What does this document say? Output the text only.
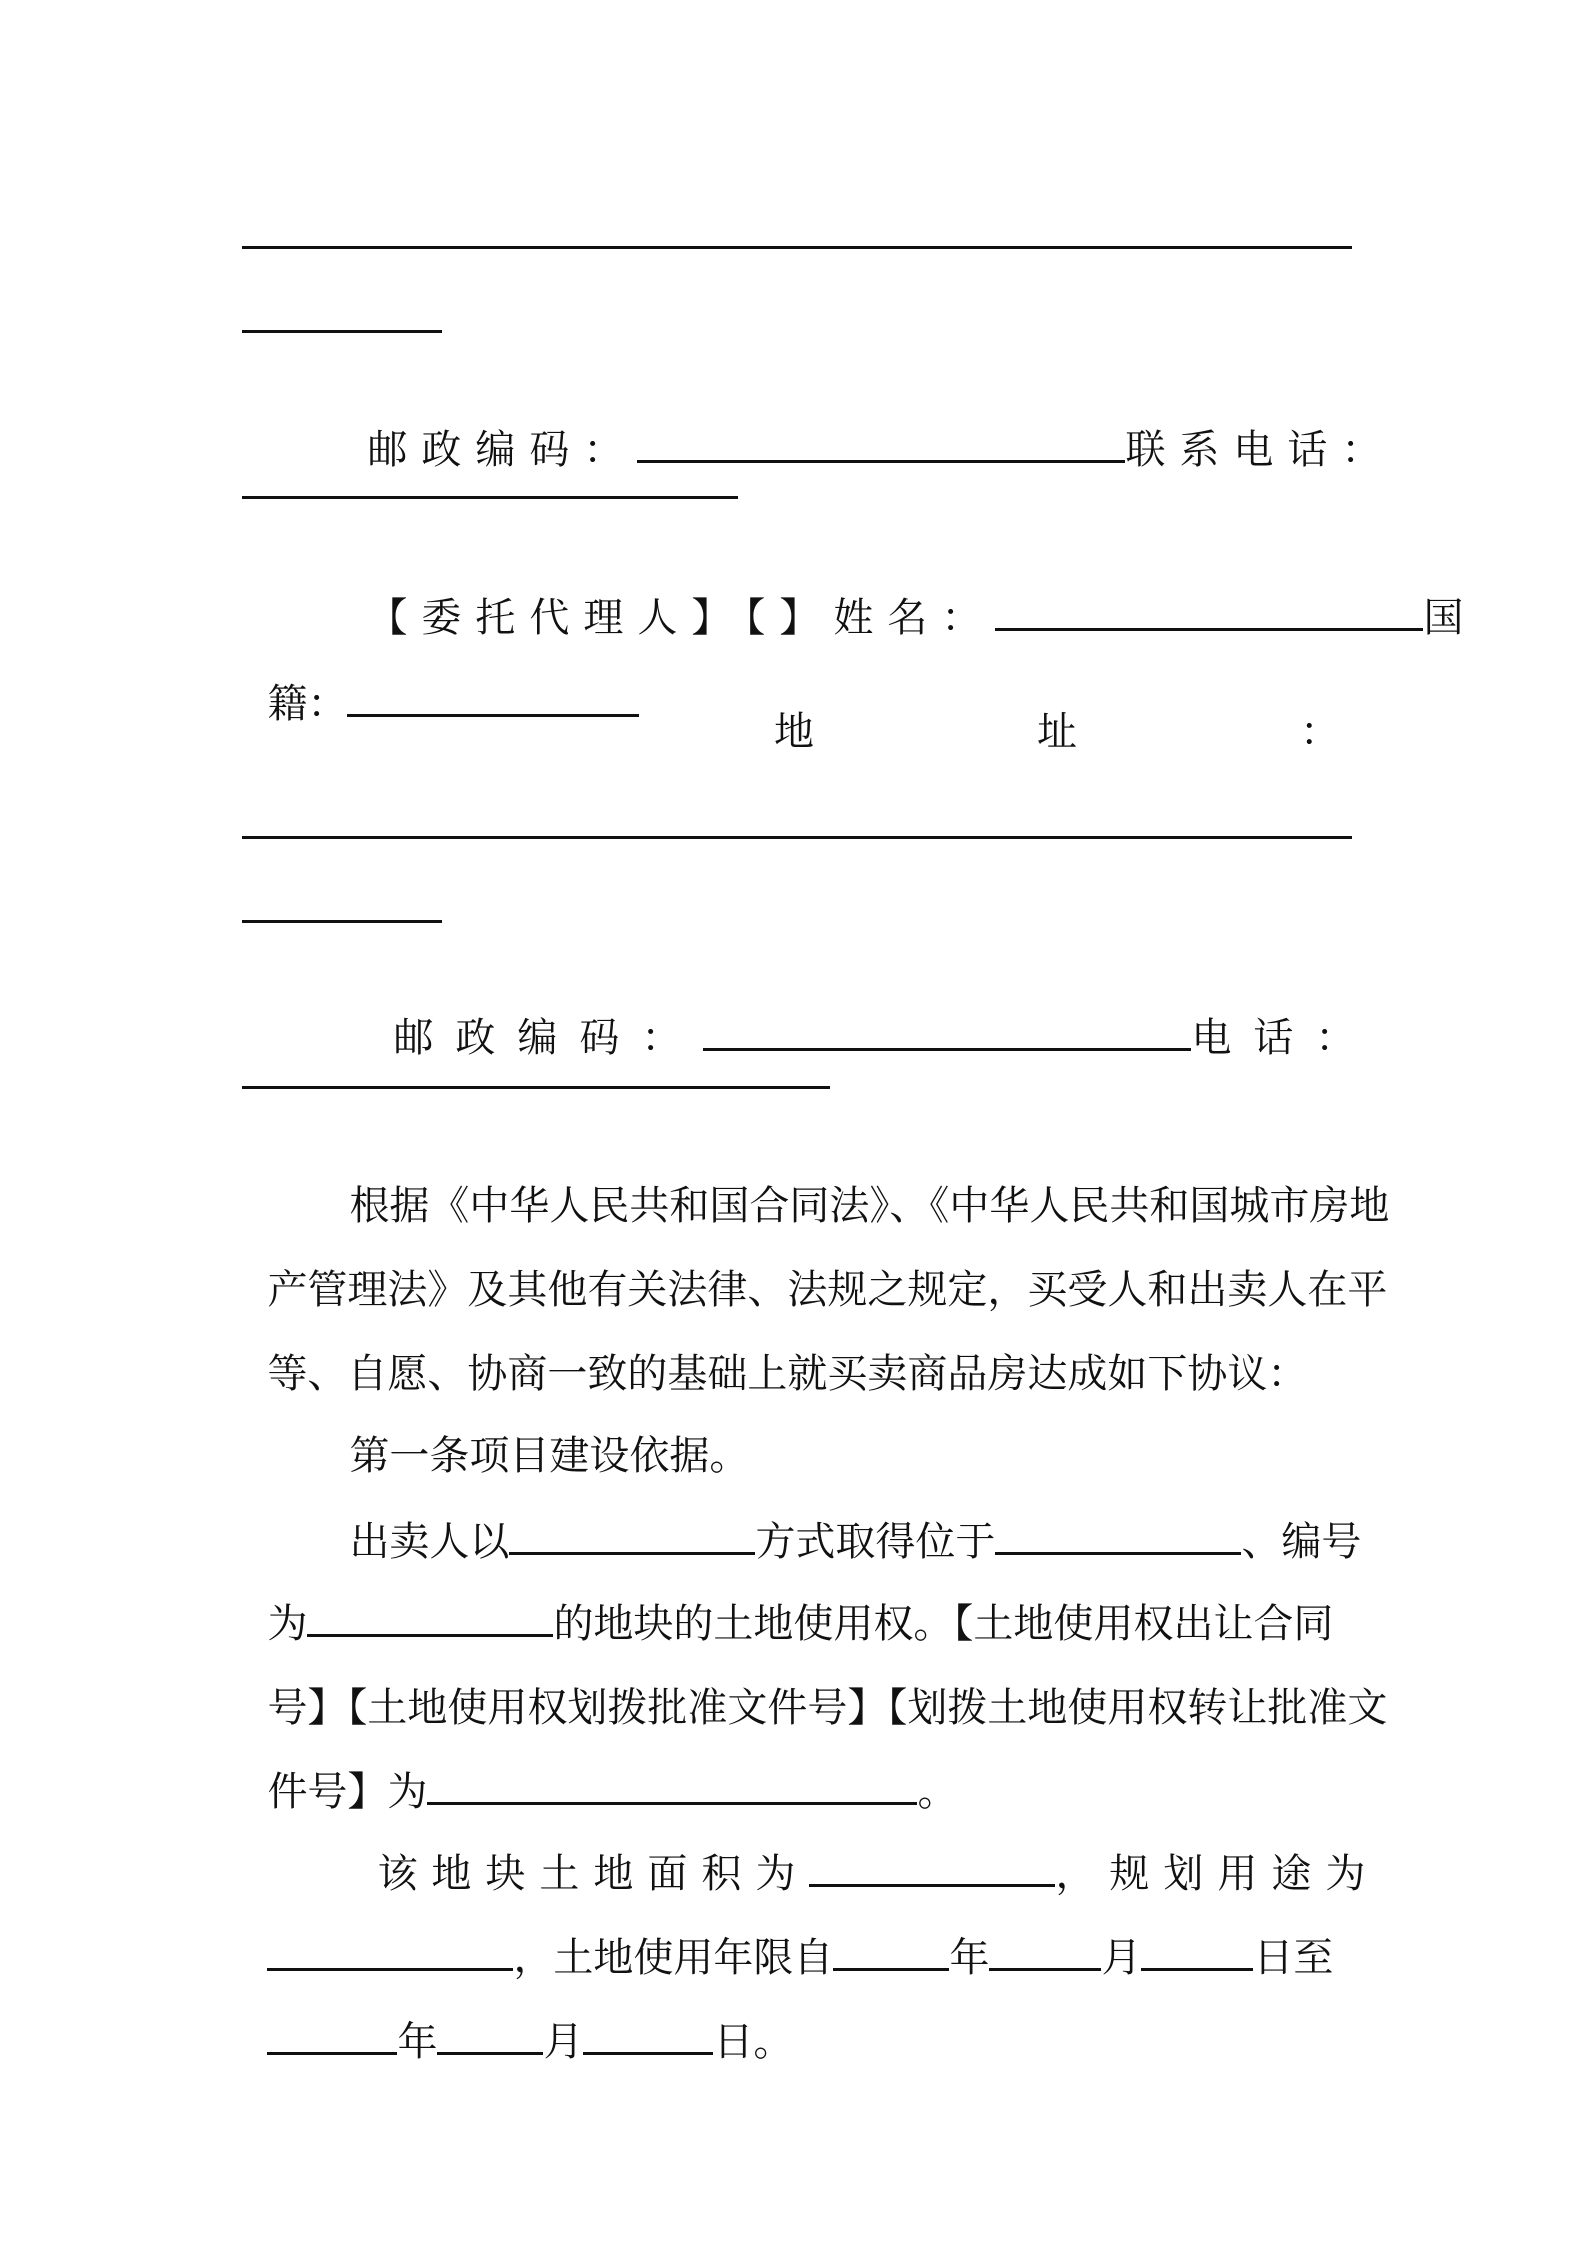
邮政编码：	联系电话：

【委托代理人】【】姓名：	国

籍：

地	址	：

邮政编码：	电话：

根据《中华人民共和国合同法》、《中华人民共和国城市房地

产管理法》及其他有关法律、法规之规定，买受人和出卖人在平

等、自愿、协商一致的基础上就买卖商品房达成如下协议：

第一条项目建设依据。

出卖人以	方式取得位于	、编号

为	的地块的土地使用权。【土地使用权出让合同

号】【土地使用权划拨批准文件号】【划拨土地使用权转让批准文

件号】为	。

该地块土地面积为	，规划用途为

，土地使用年限自	年	月	日至

年	月	日。
